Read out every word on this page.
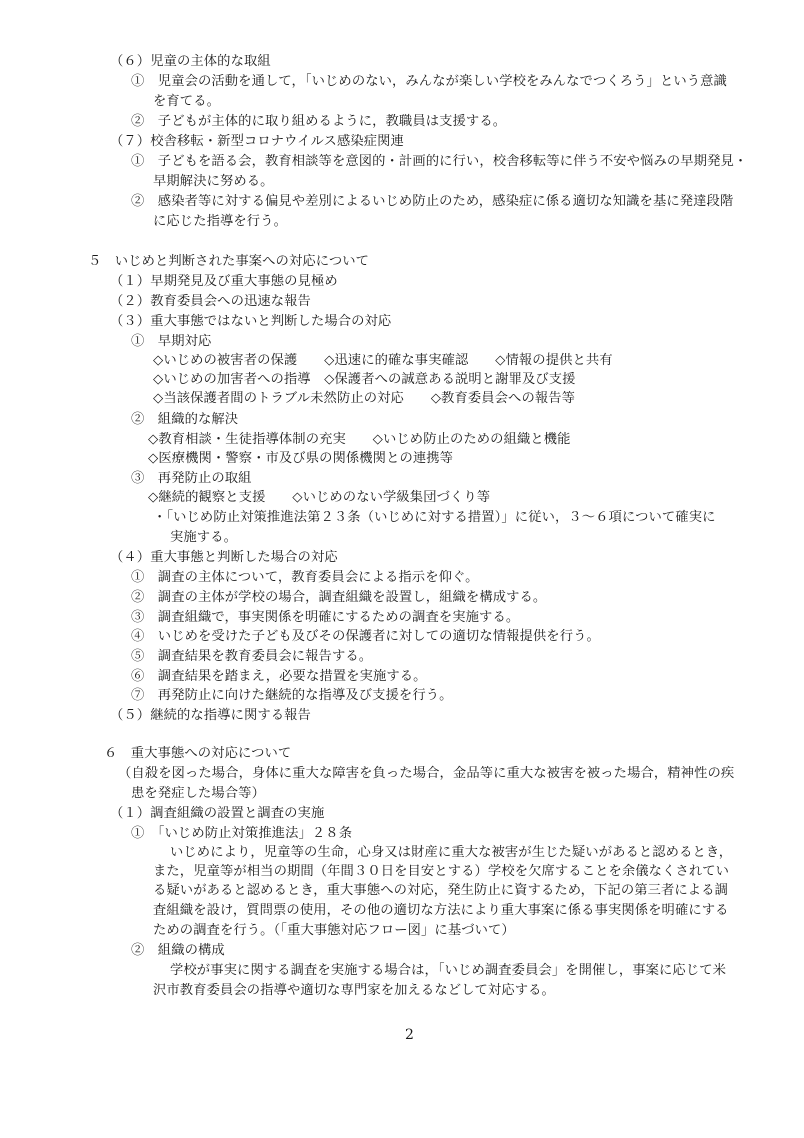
（６）児童の主体的な取組
①　児童会の活動を通して，「いじめのない，みんなが楽しい学校をみんなでつくろう」という意識
を育てる。
②　子どもが主体的に取り組めるように，教職員は支援する。
（７）校舎移転・新型コロナウイルス感染症関連
①　子どもを語る会，教育相談等を意図的・計画的に行い，校舎移転等に伴う不安や悩みの早期発見・
早期解決に努める。
②　感染者等に対する偏見や差別によるいじめ防止のため，感染症に係る適切な知識を基に発達段階
に応じた指導を行う。
５　いじめと判断された事案への対応について
（１）早期発見及び重大事態の見極め
（２）教育委員会への迅速な報告
（３）重大事態ではないと判断した場合の対応
①　早期対応
◇いじめの被害者の保護　　◇迅速に的確な事実確認　　◇情報の提供と共有
◇いじめの加害者への指導　◇保護者への誠意ある説明と謝罪及び支援
◇当該保護者間のトラブル未然防止の対応　　◇教育委員会への報告等
②　組織的な解決
◇教育相談・生徒指導体制の充実　　◇いじめ防止のための組織と機能
◇医療機関・警察・市及び県の関係機関との連携等
③　再発防止の取組
◇継続的観察と支援　　◇いじめのない学級集団づくり等
・「いじめ防止対策推進法第２３条（いじめに対する措置）」に従い，３～６項について確実に
実施する。
（４）重大事態と判断した場合の対応
①　調査の主体について，教育委員会による指示を仰ぐ。
②　調査の主体が学校の場合，調査組織を設置し，組織を構成する。
③　調査組織で，事実関係を明確にするための調査を実施する。
④　いじめを受けた子ども及びその保護者に対しての適切な情報提供を行う。
⑤　調査結果を教育委員会に報告する。
⑥　調査結果を踏まえ，必要な措置を実施する。
⑦　再発防止に向けた継続的な指導及び支援を行う。
（５）継続的な指導に関する報告
６　重大事態への対応について
（自殺を図った場合，身体に重大な障害を負った場合，金品等に重大な被害を被った場合，精神性の疾
患を発症した場合等）
（１）調査組織の設置と調査の実施
①　「いじめ防止対策推進法」２８条
いじめにより，児童等の生命，心身又は財産に重大な被害が生じた疑いがあると認めるとき，
また，児童等が相当の期間（年間３０日を目安とする）学校を欠席することを余儀なくされてい
る疑いがあると認めるとき，重大事態への対応，発生防止に資するため，下記の第三者による調
査組織を設け，質問票の使用，その他の適切な方法により重大事案に係る事実関係を明確にする
ための調査を行う。（「重大事態対応フロー図」に基づいて）
②　組織の構成
学校が事実に関する調査を実施する場合は，「いじめ調査委員会」を開催し，事案に応じて米
沢市教育委員会の指導や適切な専門家を加えるなどして対応する。
2
